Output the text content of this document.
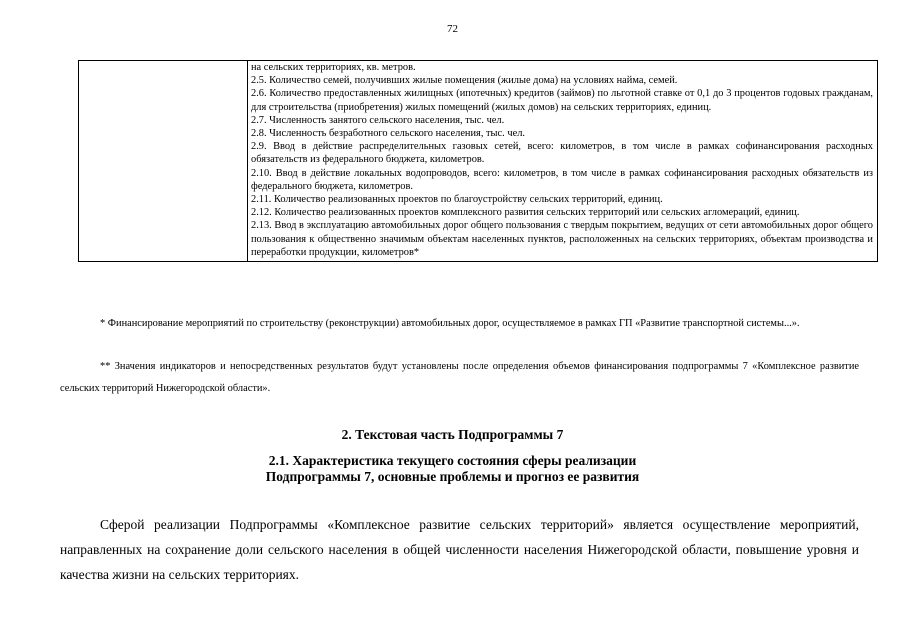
72

на сельских территориях, кв. метров.

2.5. Количество семей, получивших жилые помещения (жилые дома) на условиях найма, семей.

2.6. Количество предоставленных жилищных (ипотечных) кредитов (займов) по льготной ставке от 0,1 до 3 процентов годовых гражданам, для строительства (приобретения) жилых помещений (жилых домов) на сельских территориях, единиц.

2.7. Численность занятого сельского населения, тыс. чел.

2.8. Численность безработного сельского населения, тыс. чел.

2.9. Ввод в действие распределительных газовых сетей, всего: километров, в том числе в рамках софинансирования расходных обязательств из федерального бюджета, километров.

2.10. Ввод в действие локальных водопроводов, всего: километров, в том числе в рамках софинансирования расходных обязательств из федерального бюджета, километров.

2.11. Количество реализованных проектов по благоустройству сельских территорий, единиц.

2.12. Количество реализованных проектов комплексного развития сельских территорий или сельских агломераций, единиц.

2.13. Ввод в эксплуатацию автомобильных дорог общего пользования с твердым покрытием, ведущих от сети автомобильных дорог общего пользования к общественно значимым объектам населенных пунктов, расположенных на сельских территориях, объектам производства и переработки продукции, километров*

* Финансирование мероприятий по строительству (реконструкции) автомобильных дорог, осуществляемое в рамках ГП «Развитие транспортной системы...».

** Значения индикаторов и непосредственных результатов будут установлены после определения объемов финансирования подпрограммы 7 «Комплексное развитие сельских территорий Нижегородской области».

2. Текстовая часть Подпрограммы 7
2.1. Характеристика текущего состояния сферы реализации
Подпрограммы 7, основные проблемы и прогноз ее развития

Сферой реализации Подпрограммы «Комплексное развитие сельских территорий» является осуществление мероприятий, направленных на сохранение доли сельского населения в общей численности населения Нижегородской области, повышение уровня и качества жизни на сельских территориях.
